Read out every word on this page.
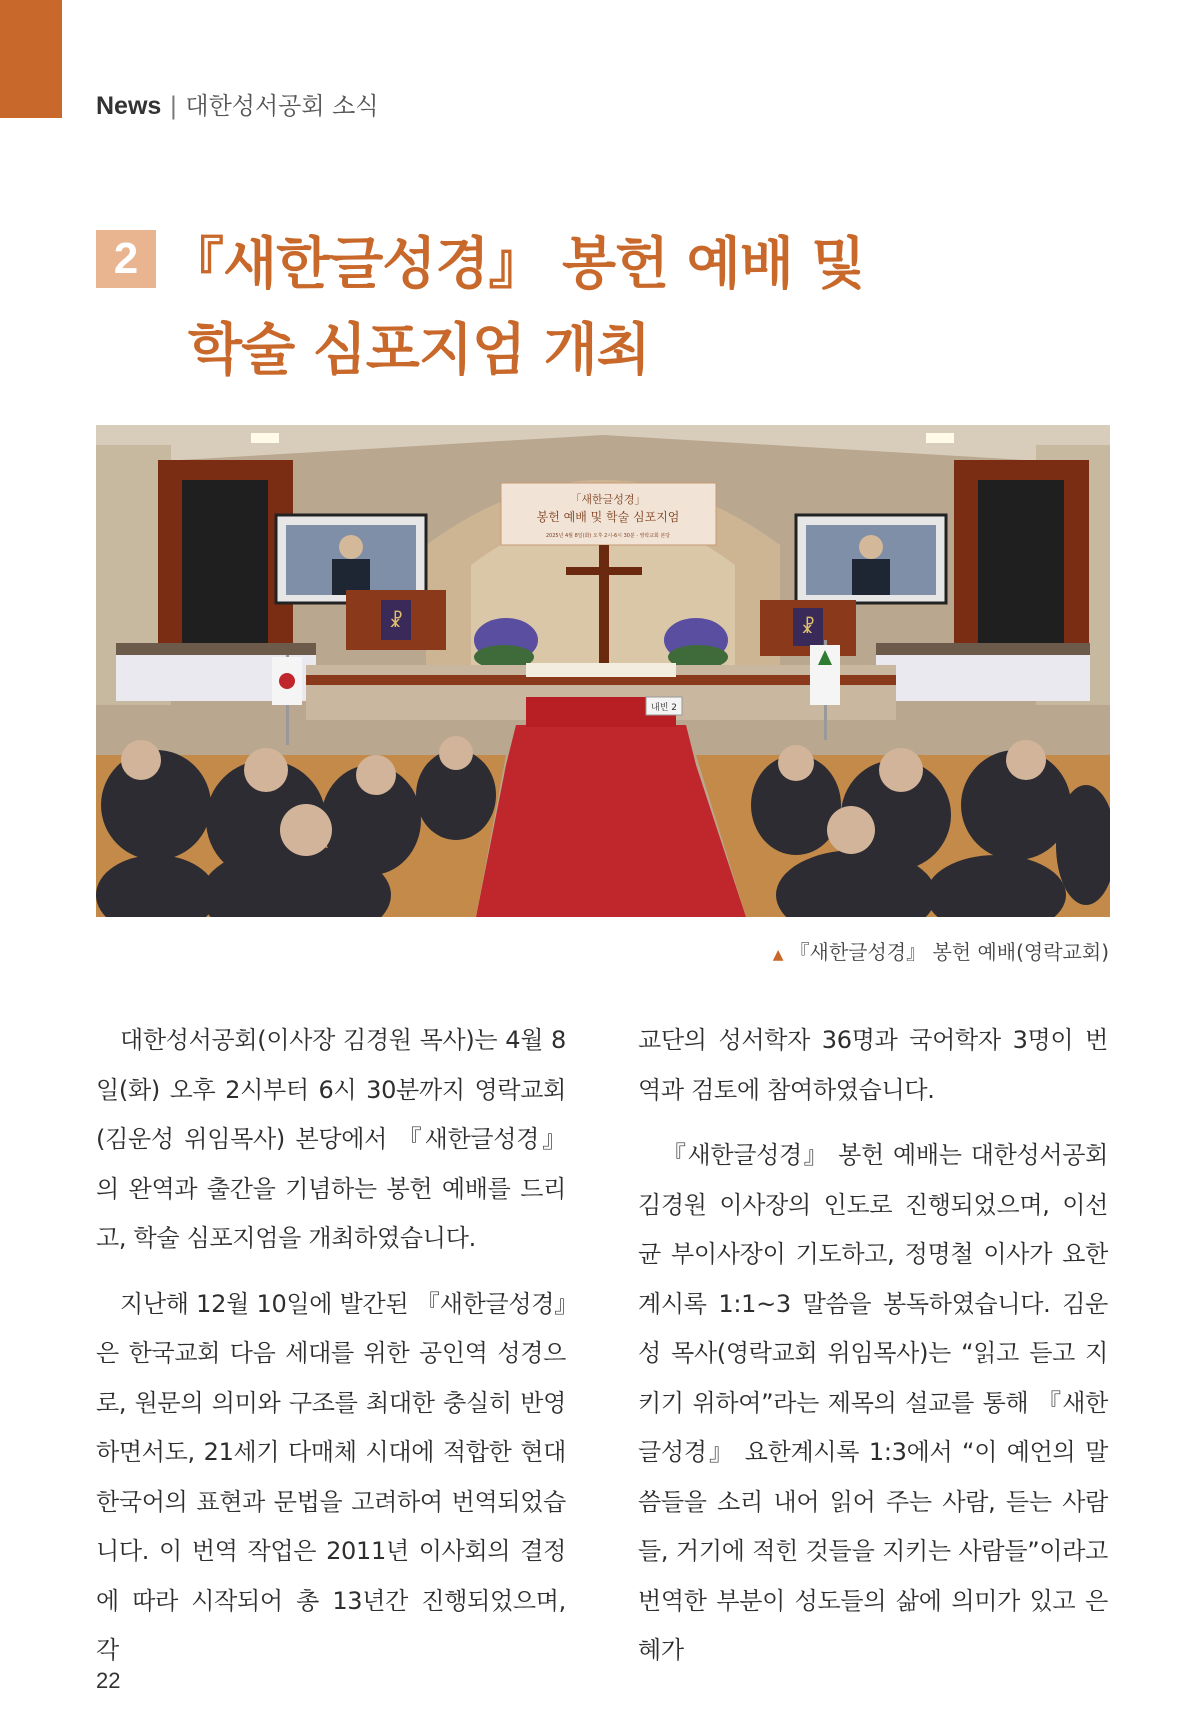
News | 대한성서공회 소식
2 『새한글성경』 봉헌 예배 및
학술 심포지엄 개최
「새한글성경」
봉헌 예배 및 학술 심포지엄
2025년 4월 8일(화) 오후 2시-6시 30분 · 영락교회 본당
☧	☧
내빈 2
▲ 『새한글성경』 봉헌 예배(영락교회)

대한성서공회(이사장 김경원 목사)는 4월 8일(화) 오후 2시부터 6시 30분까지 영락교회(김운성 위임목사) 본당에서 『새한글성경』의 완역과 출간을 기념하는 봉헌 예배를 드리고, 학술 심포지엄을 개최하였습니다.

지난해 12월 10일에 발간된 『새한글성경』은 한국교회 다음 세대를 위한 공인역 성경으로, 원문의 의미와 구조를 최대한 충실히 반영하면서도, 21세기 다매체 시대에 적합한 현대 한국어의 표현과 문법을 고려하여 번역되었습니다. 이 번역 작업은 2011년 이사회의 결정에 따라 시작되어 총 13년간 진행되었으며, 각

교단의 성서학자 36명과 국어학자 3명이 번역과 검토에 참여하였습니다.

『새한글성경』 봉헌 예배는 대한성서공회 김경원 이사장의 인도로 진행되었으며, 이선균 부이사장이 기도하고, 정명철 이사가 요한계시록 1:1~3 말씀을 봉독하였습니다. 김운성 목사(영락교회 위임목사)는 “읽고 듣고 지키기 위하여”라는 제목의 설교를 통해 『새한글성경』 요한계시록 1:3에서 “이 예언의 말씀들을 소리 내어 읽어 주는 사람, 듣는 사람들, 거기에 적힌 것들을 지키는 사람들”이라고 번역한 부분이 성도들의 삶에 의미가 있고 은혜가

22
